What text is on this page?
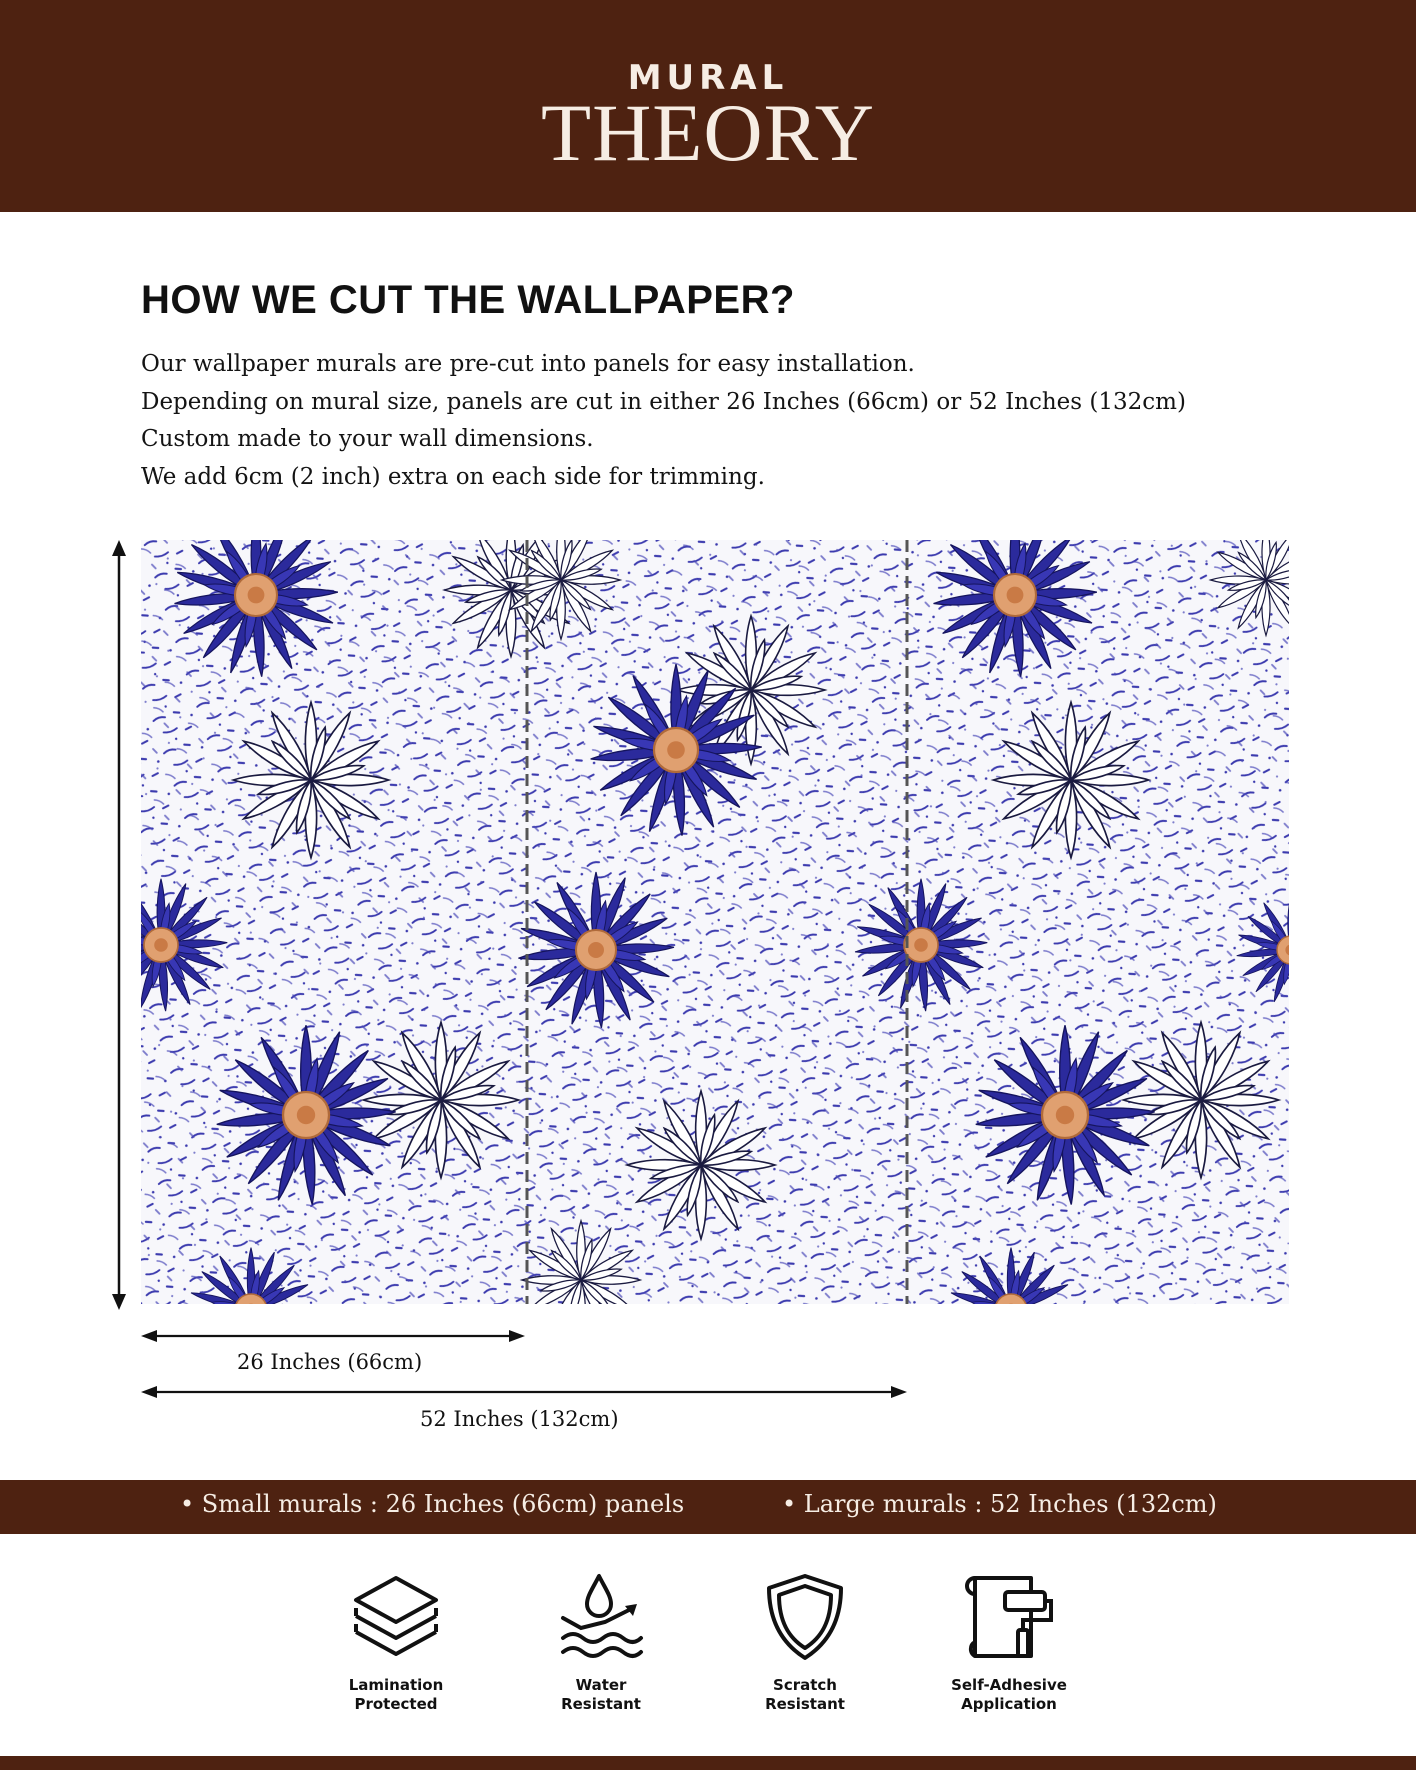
MURAL
THEORY
HOW WE CUT THE WALLPAPER?

Our wallpaper murals are pre-cut into panels for easy installation.

Depending on mural size, panels are cut in either 26 Inches (66cm) or 52 Inches (132cm)

Custom made to your wall dimensions.

We add 6cm (2 inch) extra on each side for trimming.

26 Inches (66cm)
52 Inches (132cm)
• Small murals : 26 Inches (66cm) panels	• Large murals : 52 Inches (132cm)
Lamination
Protected
Water
Resistant
Scratch
Resistant
Self-Adhesive
Application
